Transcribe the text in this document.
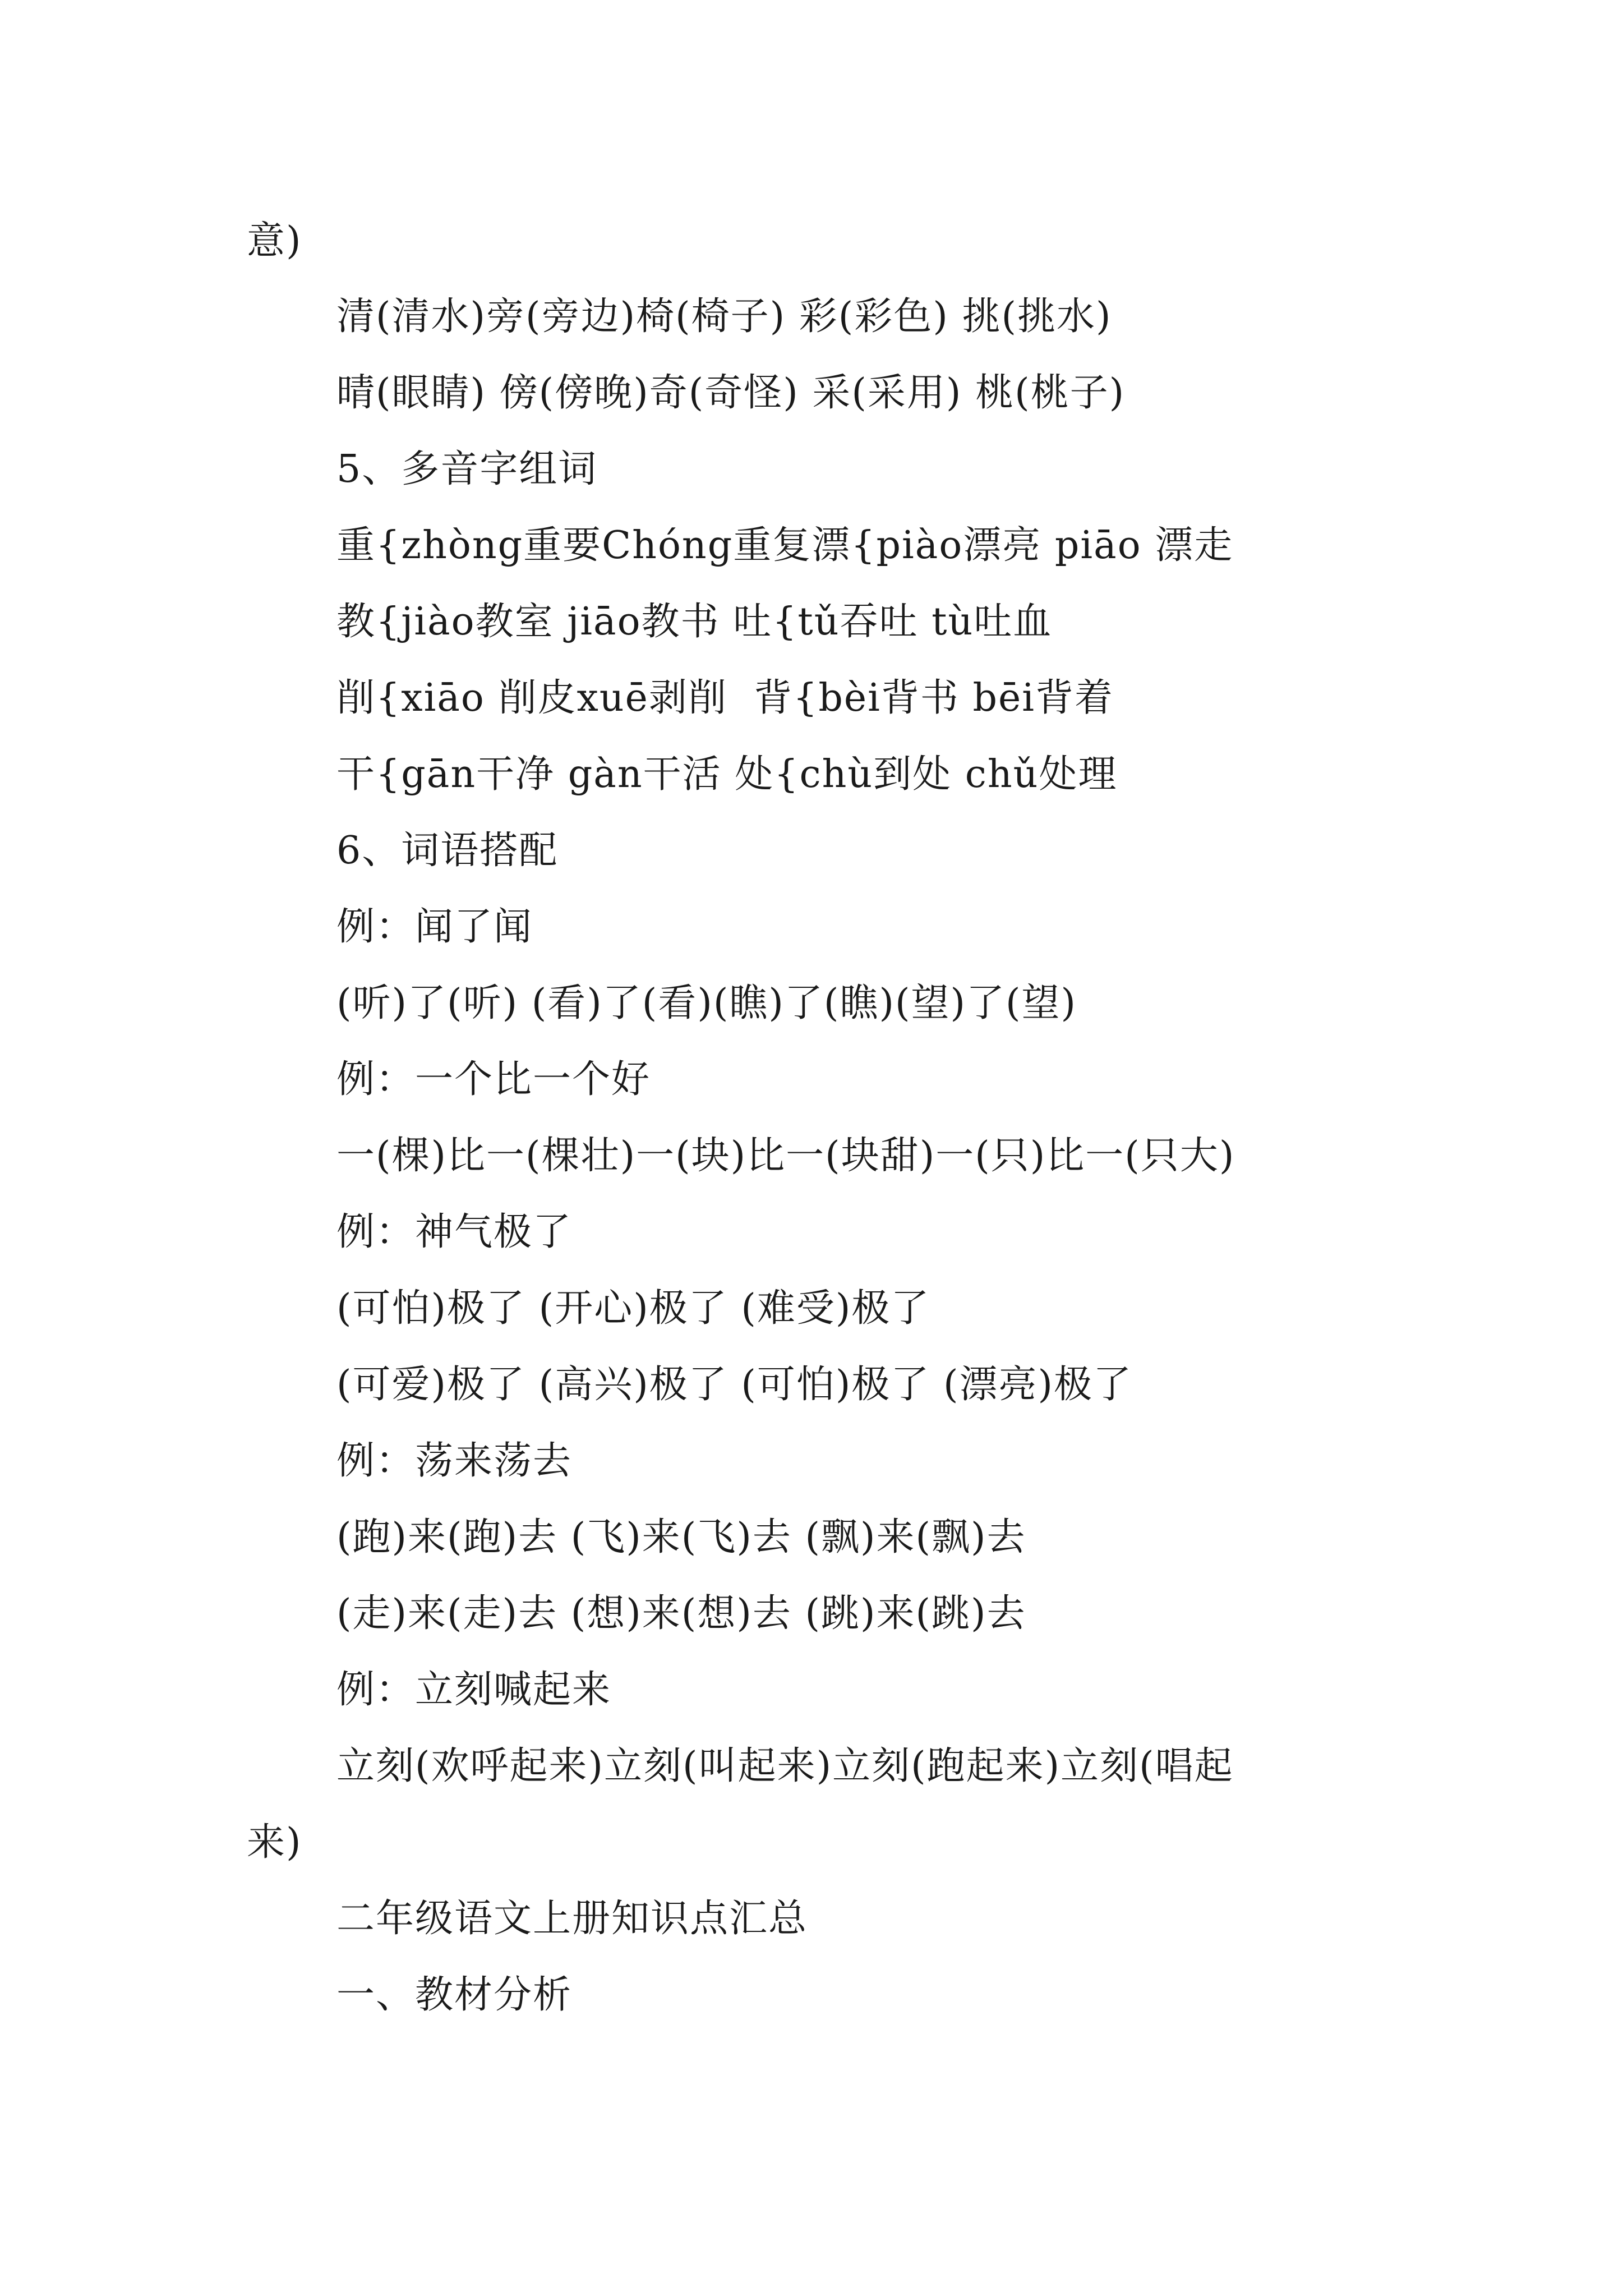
意)
清(清水)旁(旁边)椅(椅子) 彩(彩色) 挑(挑水)
晴(眼睛) 傍(傍晚)奇(奇怪) 采(采用) 桃(桃子)
5、多音字组词
重{zhòng重要Chóng重复漂{piào漂亮 piāo 漂走
教{jiào教室 jiāo教书 吐{tǔ吞吐 tù吐血
削{xiāo 削皮xuē剥削  背{bèi背书 bēi背着
干{gān干净 gàn干活 处{chù到处 chǔ处理
6、词语搭配
例：闻了闻
(听)了(听) (看)了(看)(瞧)了(瞧)(望)了(望)
例：一个比一个好
一(棵)比一(棵壮)一(块)比一(块甜)一(只)比一(只大)
例：神气极了
(可怕)极了 (开心)极了 (难受)极了
(可爱)极了 (高兴)极了 (可怕)极了 (漂亮)极了
例：荡来荡去
(跑)来(跑)去 (飞)来(飞)去 (飘)来(飘)去
(走)来(走)去 (想)来(想)去 (跳)来(跳)去
例：立刻喊起来
立刻(欢呼起来)立刻(叫起来)立刻(跑起来)立刻(唱起
来)
二年级语文上册知识点汇总
一、教材分析
